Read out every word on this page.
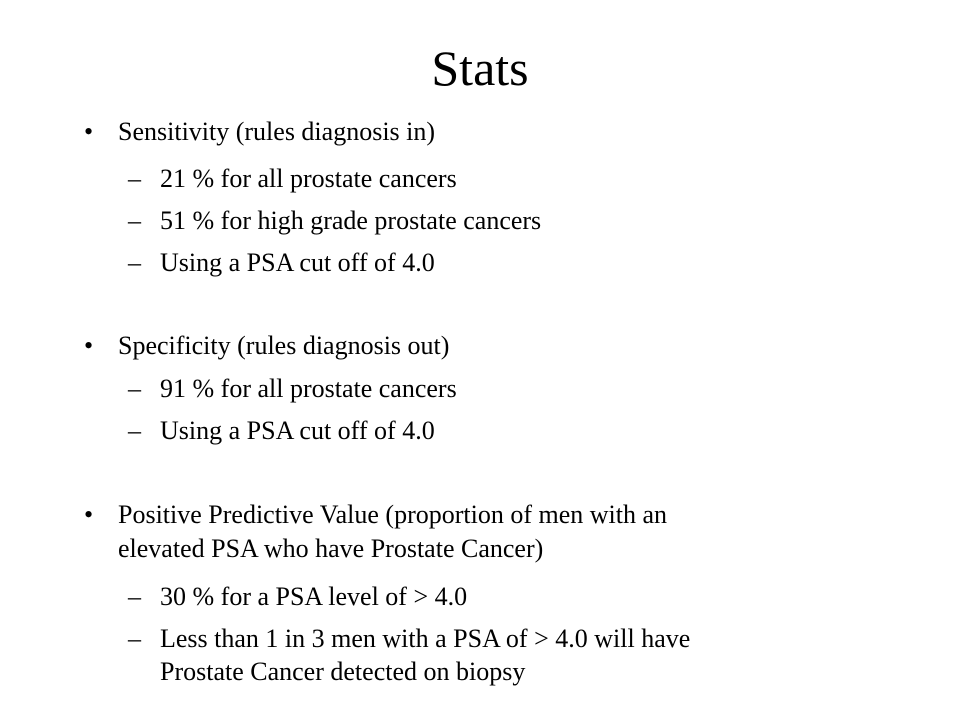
Stats
• Sensitivity (rules diagnosis in)
– 21 % for all prostate cancers
– 51 % for high grade prostate cancers
– Using a PSA cut off of 4.0
• Specificity (rules diagnosis out)
– 91 % for all prostate cancers
– Using a PSA cut off of 4.0
• Positive Predictive Value (proportion of men with an
elevated PSA who have Prostate Cancer)
– 30 % for a PSA level of > 4.0
– Less than 1 in 3 men with a PSA of > 4.0 will have
Prostate Cancer detected on biopsy
